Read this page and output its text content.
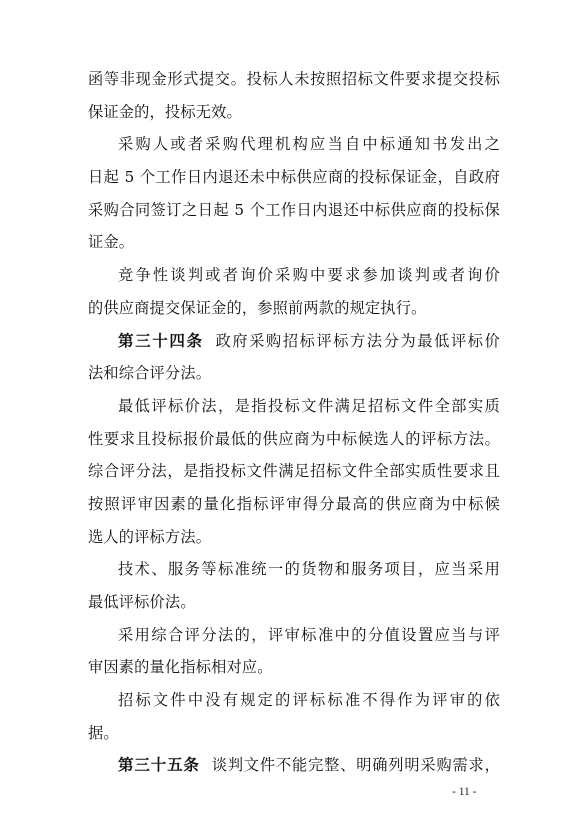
函等非现金形式提交。投标人未按照招标文件要求提交投标
保证金的，投标无效。
采购人或者采购代理机构应当自中标通知书发出之
日起 5 个工作日内退还未中标供应商的投标保证金，自政府
采购合同签订之日起 5 个工作日内退还中标供应商的投标保
证金。
竞争性谈判或者询价采购中要求参加谈判或者询价
的供应商提交保证金的，参照前两款的规定执行。
第三十四条 政府采购招标评标方法分为最低评标价
法和综合评分法。
最低评标价法，是指投标文件满足招标文件全部实质
性要求且投标报价最低的供应商为中标候选人的评标方法。
综合评分法，是指投标文件满足招标文件全部实质性要求且
按照评审因素的量化指标评审得分最高的供应商为中标候
选人的评标方法。
技术、服务等标准统一的货物和服务项目，应当采用
最低评标价法。
采用综合评分法的，评审标准中的分值设置应当与评
审因素的量化指标相对应。
招标文件中没有规定的评标标准不得作为评审的依
据。
第三十五条 谈判文件不能完整、明确列明采购需求，
- 11 -
